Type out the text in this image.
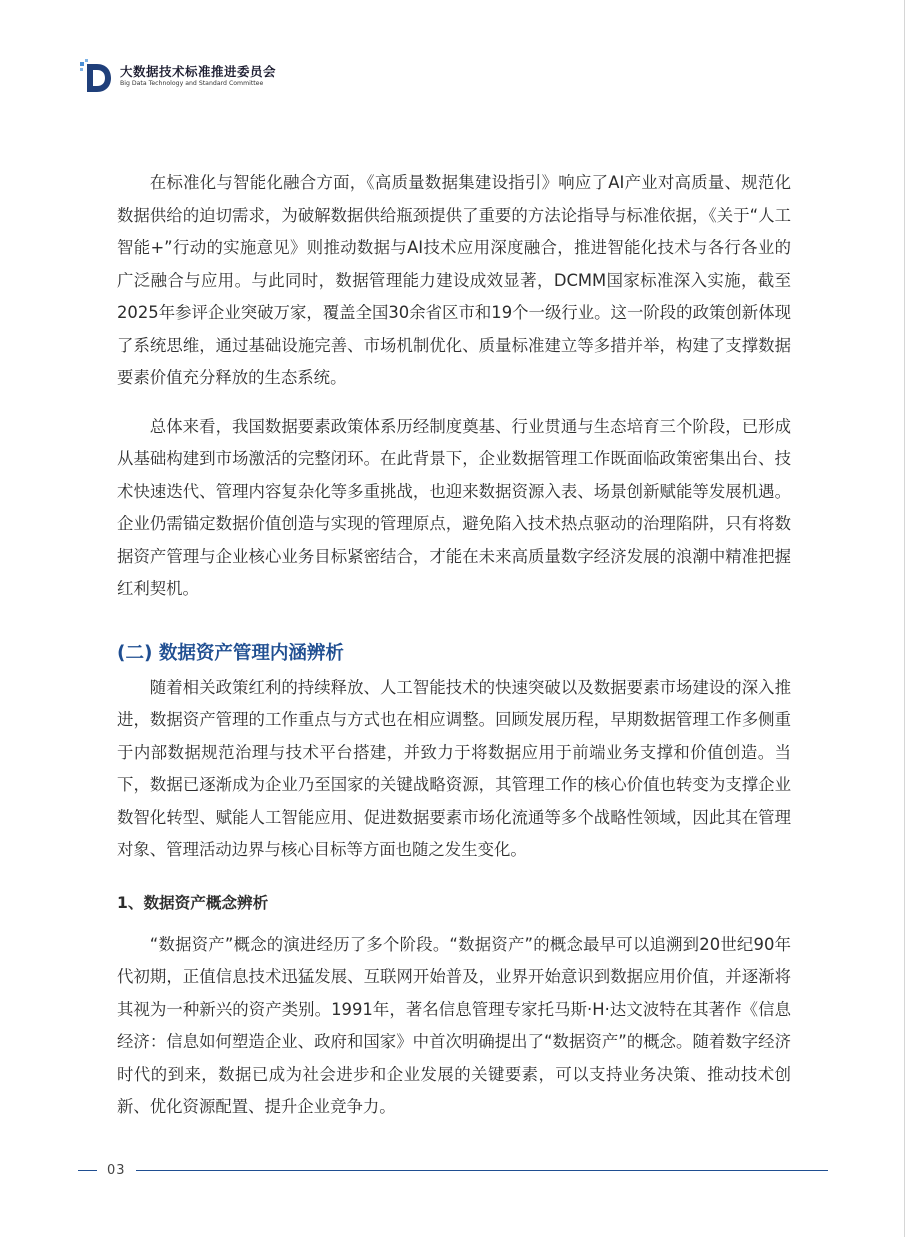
大数据技术标准推进委员会
Big Data Technology and Standard Committee

在标准化与智能化融合方面，《高质量数据集建设指引》响应了AI产业对高质量、规范化数据供给的迫切需求，为破解数据供给瓶颈提供了重要的方法论指导与标准依据，《关于“人工智能+”行动的实施意见》则推动数据与AI技术应用深度融合，推进智能化技术与各行各业的广泛融合与应用。与此同时，数据管理能力建设成效显著，DCMM国家标准深入实施，截至2025年参评企业突破万家，覆盖全国30余省区市和19个一级行业。这一阶段的政策创新体现了系统思维，通过基础设施完善、市场机制优化、质量标准建立等多措并举，构建了支撑数据要素价值充分释放的生态系统。

总体来看，我国数据要素政策体系历经制度奠基、行业贯通与生态培育三个阶段，已形成从基础构建到市场激活的完整闭环。在此背景下，企业数据管理工作既面临政策密集出台、技术快速迭代、管理内容复杂化等多重挑战，也迎来数据资源入表、场景创新赋能等发展机遇。企业仍需锚定数据价值创造与实现的管理原点，避免陷入技术热点驱动的治理陷阱，只有将数据资产管理与企业核心业务目标紧密结合，才能在未来高质量数字经济发展的浪潮中精准把握红利契机。

(二) 数据资产管理内涵辨析

随着相关政策红利的持续释放、人工智能技术的快速突破以及数据要素市场建设的深入推进，数据资产管理的工作重点与方式也在相应调整。回顾发展历程，早期数据管理工作多侧重于内部数据规范治理与技术平台搭建，并致力于将数据应用于前端业务支撑和价值创造。当下，数据已逐渐成为企业乃至国家的关键战略资源，其管理工作的核心价值也转变为支撑企业数智化转型、赋能人工智能应用、促进数据要素市场化流通等多个战略性领域，因此其在管理对象、管理活动边界与核心目标等方面也随之发生变化。

1、数据资产概念辨析

“数据资产”概念的演进经历了多个阶段。“数据资产”的概念最早可以追溯到20世纪90年代初期，正值信息技术迅猛发展、互联网开始普及，业界开始意识到数据应用价值，并逐渐将其视为一种新兴的资产类别。1991年，著名信息管理专家托马斯·H·达文波特在其著作《信息经济：信息如何塑造企业、政府和国家》中首次明确提出了“数据资产”的概念。随着数字经济时代的到来，数据已成为社会进步和企业发展的关键要素，可以支持业务决策、推动技术创新、优化资源配置、提升企业竞争力。

03
